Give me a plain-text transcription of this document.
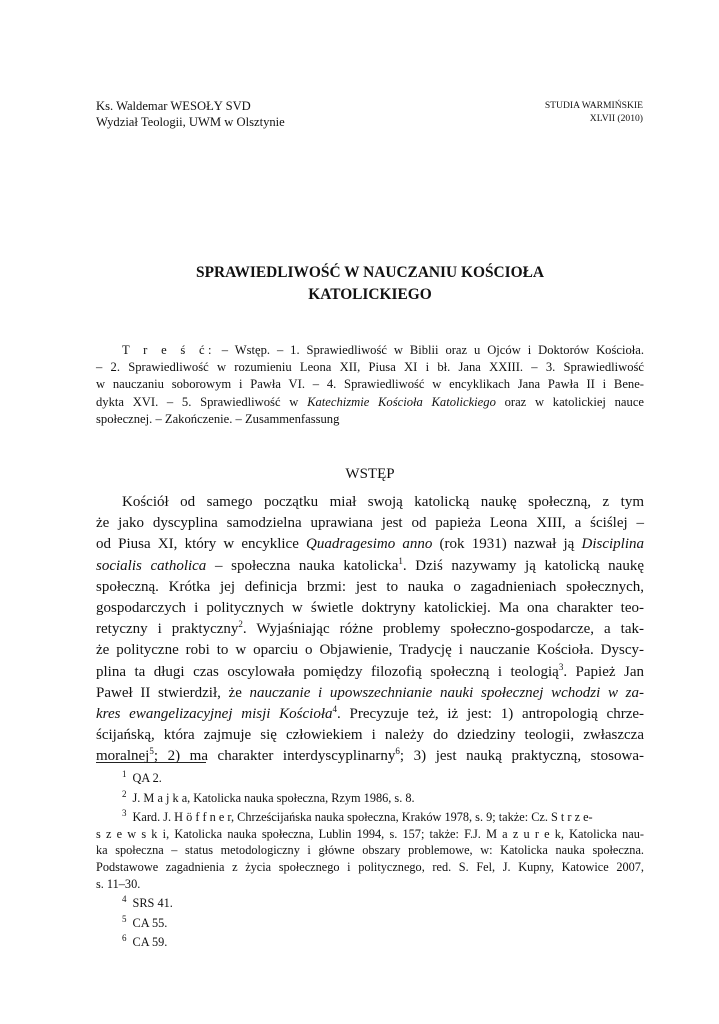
Ks. Waldemar WESOŁY SVD
Wydział Teologii, UWM w Olsztynie
STUDIA WARMIŃSKIE
XLVII (2010)
SPRAWIEDLIWOŚĆ W NAUCZANIU KOŚCIOŁA
KATOLICKIEGO
T r e ś ć: – Wstęp. – 1. Sprawiedliwość w Biblii oraz u Ojców i Doktorów Kościoła.
– 2. Sprawiedliwość w rozumieniu Leona XII, Piusa XI i bł. Jana XXIII. – 3. Sprawiedliwość
w nauczaniu soborowym i Pawła VI. – 4. Sprawiedliwość w encyklikach Jana Pawła II i Bene-
dykta XVI. – 5. Sprawiedliwość w Katechizmie Kościoła Katolickiego oraz w katolickiej nauce
społecznej. – Zakończenie. – Zusammenfassung
WSTĘP
Kościół od samego początku miał swoją katolicką naukę społeczną, z tym
że jako dyscyplina samodzielna uprawiana jest od papieża Leona XIII, a ściślej –
od Piusa XI, który w encyklice Quadragesimo anno (rok 1931) nazwał ją Disciplina
socialis catholica – społeczna nauka katolicka$^1$. Dziś nazywamy ją katolicką naukę
społeczną. Krótka jej definicja brzmi: jest to nauka o zagadnieniach społecznych,
gospodarczych i politycznych w świetle doktryny katolickiej. Ma ona charakter teo-
retyczny i praktyczny$^2$. Wyjaśniając różne problemy społeczno-gospodarcze, a tak-
że polityczne robi to w oparciu o Objawienie, Tradycję i nauczanie Kościoła. Dyscy-
plina ta długi czas oscylowała pomiędzy filozofią społeczną i teologią$^3$. Papież Jan
Paweł II stwierdził, że nauczanie i upowszechnianie nauki społecznej wchodzi w za-
kres ewangelizacyjnej misji Kościoła$^4$. Precyzuje też, iż jest: 1) antropologią chrze-
ścijańską, która zajmuje się człowiekiem i należy do dziedziny teologii, zwłaszcza
moralnej$^5$; 2) ma charakter interdyscyplinarny$^6$; 3) jest nauką praktyczną, stosowa-
$^1$ QA 2.
$^2$ J. M a j k a, Katolicka nauka społeczna, Rzym 1986, s. 8.
$^3$ Kard. J. H ö f f n e r, Chrześcijańska nauka społeczna, Kraków 1978, s. 9; także: Cz. S t r z e-
s z e w s k i, Katolicka nauka społeczna, Lublin 1994, s. 157; także: F.J. M a z u r e k, Katolicka nau-
ka społeczna – status metodologiczny i główne obszary problemowe, w: Katolicka nauka społeczna.
Podstawowe zagadnienia z życia społecznego i politycznego, red. S. Fel, J. Kupny, Katowice 2007,
s. 11–30.
$^4$ SRS 41.
$^5$ CA 55.
$^6$ CA 59.
